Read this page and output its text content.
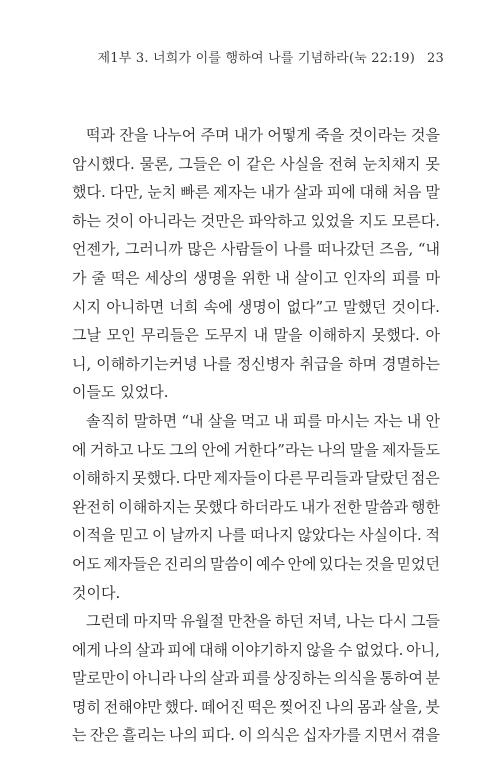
제1부 3. 너희가 이를 행하여 나를 기념하라(눅 22:19) 23
떡과 잔을 나누어 주며 내가 어떻게 죽을 것이라는 것을
암시했다. 물론, 그들은 이 같은 사실을 전혀 눈치채지 못
했다. 다만, 눈치 빠른 제자는 내가 살과 피에 대해 처음 말
하는 것이 아니라는 것만은 파악하고 있었을 지도 모른다.
언젠가, 그러니까 많은 사람들이 나를 떠나갔던 즈음, “내
가 줄 떡은 세상의 생명을 위한 내 살이고 인자의 피를 마
시지 아니하면 너희 속에 생명이 없다”고 말했던 것이다.
그날 모인 무리들은 도무지 내 말을 이해하지 못했다. 아
니, 이해하기는커녕 나를 정신병자 취급을 하며 경멸하는
이들도
있었다.
솔직히 말하면 “내 살을 먹고 내 피를 마시는 자는 내 안
에 거하고 나도 그의 안에 거한다”라는 나의 말을 제자들도
이해하지 못했다. 다만 제자들이 다른 무리들과 달랐던 점은
완전히 이해하지는 못했다 하더라도 내가 전한 말씀과 행한
이적을 믿고 이 날까지 나를 떠나지 않았다는 사실이다. 적
어도 제자들은 진리의 말씀이 예수 안에 있다는 것을 믿었던
것이다.
그런데 마지막 유월절 만찬을 하던 저녁, 나는 다시 그들
에게 나의 살과 피에 대해 이야기하지 않을 수 없었다. 아니,
말로만이 아니라 나의 살과 피를 상징하는 의식을 통하여 분
명히 전해야만 했다. 떼어진 떡은 찢어진 나의 몸과 살을, 붓
는 잔은 흘리는 나의 피다. 이 의식은 십자가를 지면서 겪을
